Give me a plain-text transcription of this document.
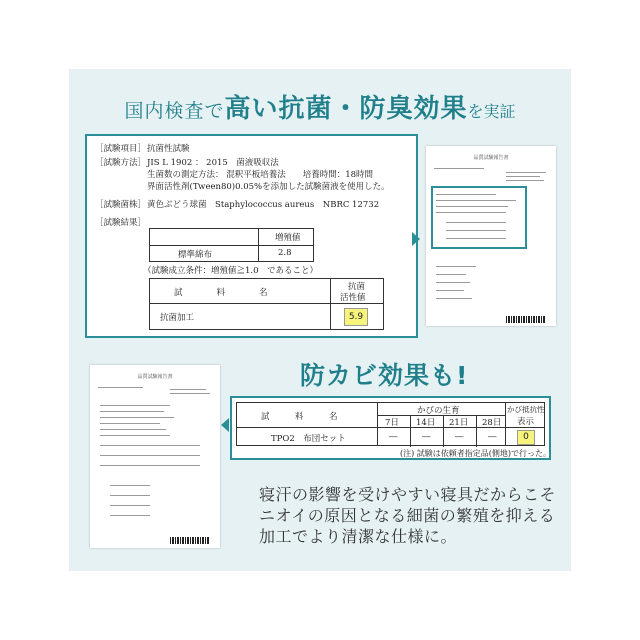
国内検査で高い抗菌・防臭効果を実証
［試験項目］ 抗菌性試験
［試験方法］ JIS L 1902 ： 2015　菌液吸収法
生菌数の測定方法： 混釈平板培養法　　培養時間：18時間
界面活性剤(Tween80)0.05%を添加した試験菌液を使用した。
［試験菌株］ 黄色ぶどう球菌　Staphylococcus aureus　NBRC 12732
［試験結果］
増殖値
標準綿布	2.8
（試験成立条件：増殖値≧1.0　であること）
試　　　　料　　　　名
抗菌
活性値
抗菌加工	5.9
品質試験報告書
防カビ効果も!
品質試験報告書
試　　　料　　　名
かびの生育
7日 14日 21日 28日
かび抵抗性
表示
TPO2　布団セット	―	―	―	―	0
(注) 試験は依頼者指定品(側地)で行った。
寝汗の影響を受けやすい寝具だからこそ
ニオイの原因となる細菌の繁殖を抑える
加工でより清潔な仕様に。
